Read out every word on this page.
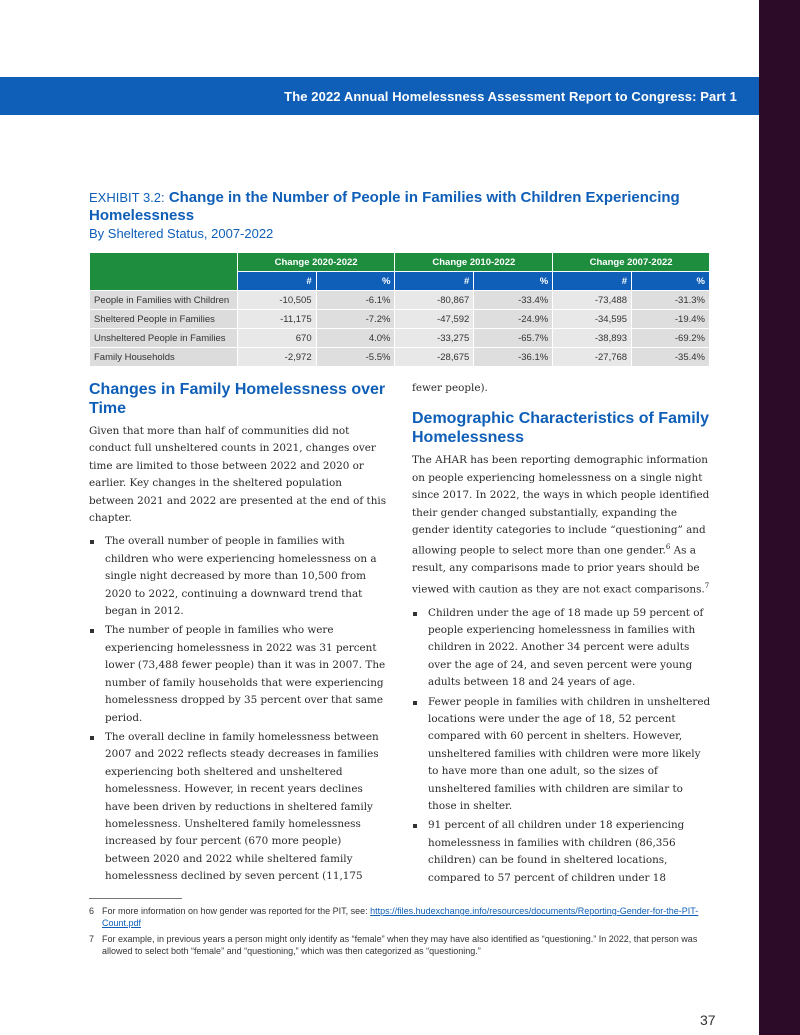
The 2022 Annual Homelessness Assessment Report to Congress: Part 1
EXHIBIT 3.2: Change in the Number of People in Families with Children Experiencing Homelessness
By Sheltered Status, 2007-2022
	Change 2020-2022		Change 2010-2022		Change 2007-2022	
	#	%	#	%	#	%
People in Families with Children	-10,505	-6.1%	-80,867	-33.4%	-73,488	-31.3%
Sheltered People in Families	-11,175	-7.2%	-47,592	-24.9%	-34,595	-19.4%
Unsheltered People in Families	670	4.0%	-33,275	-65.7%	-38,893	-69.2%
Family Households	-2,972	-5.5%	-28,675	-36.1%	-27,768	-35.4%
Changes in Family Homelessness over Time
Given that more than half of communities did not conduct full unsheltered counts in 2021, changes over time are limited to those between 2022 and 2020 or earlier. Key changes in the sheltered population between 2021 and 2022 are presented at the end of this chapter.
The overall number of people in families with children who were experiencing homelessness on a single night decreased by more than 10,500 from 2020 to 2022, continuing a downward trend that began in 2012.
The number of people in families who were experiencing homelessness in 2022 was 31 percent lower (73,488 fewer people) than it was in 2007. The number of family households that were experiencing homelessness dropped by 35 percent over that same period.
The overall decline in family homelessness between 2007 and 2022 reflects steady decreases in families experiencing both sheltered and unsheltered homelessness. However, in recent years declines have been driven by reductions in sheltered family homelessness. Unsheltered family homelessness increased by four percent (670 more people) between 2020 and 2022 while sheltered family homelessness declined by seven percent (11,175
fewer people).
Demographic Characteristics of Family Homelessness
The AHAR has been reporting demographic information on people experiencing homelessness on a single night since 2017. In 2022, the ways in which people identified their gender changed substantially, expanding the gender identity categories to include “questioning” and allowing people to select more than one gender.$^6$ As a result, any comparisons made to prior years should be viewed with caution as they are not exact comparisons.$^7$
Children under the age of 18 made up 59 percent of people experiencing homelessness in families with children in 2022. Another 34 percent were adults over the age of 24, and seven percent were young adults between 18 and 24 years of age.
Fewer people in families with children in unsheltered locations were under the age of 18, 52 percent compared with 60 percent in shelters. However, unsheltered families with children were more likely to have more than one adult, so the sizes of unsheltered families with children are similar to those in shelter.
91 percent of all children under 18 experiencing homelessness in families with children (86,356 children) can be found in sheltered locations, compared to 57 percent of children under 18
6 For more information on how gender was reported for the PIT, see: https://files.hudexchange.info/resources/documents/Reporting-Gender-for-the-PIT-Count.pdf
7 For example, in previous years a person might only identify as “female” when they may have also identified as “questioning.” In 2022, that person was allowed to select both “female” and “questioning,” which was then categorized as “questioning.”
37
